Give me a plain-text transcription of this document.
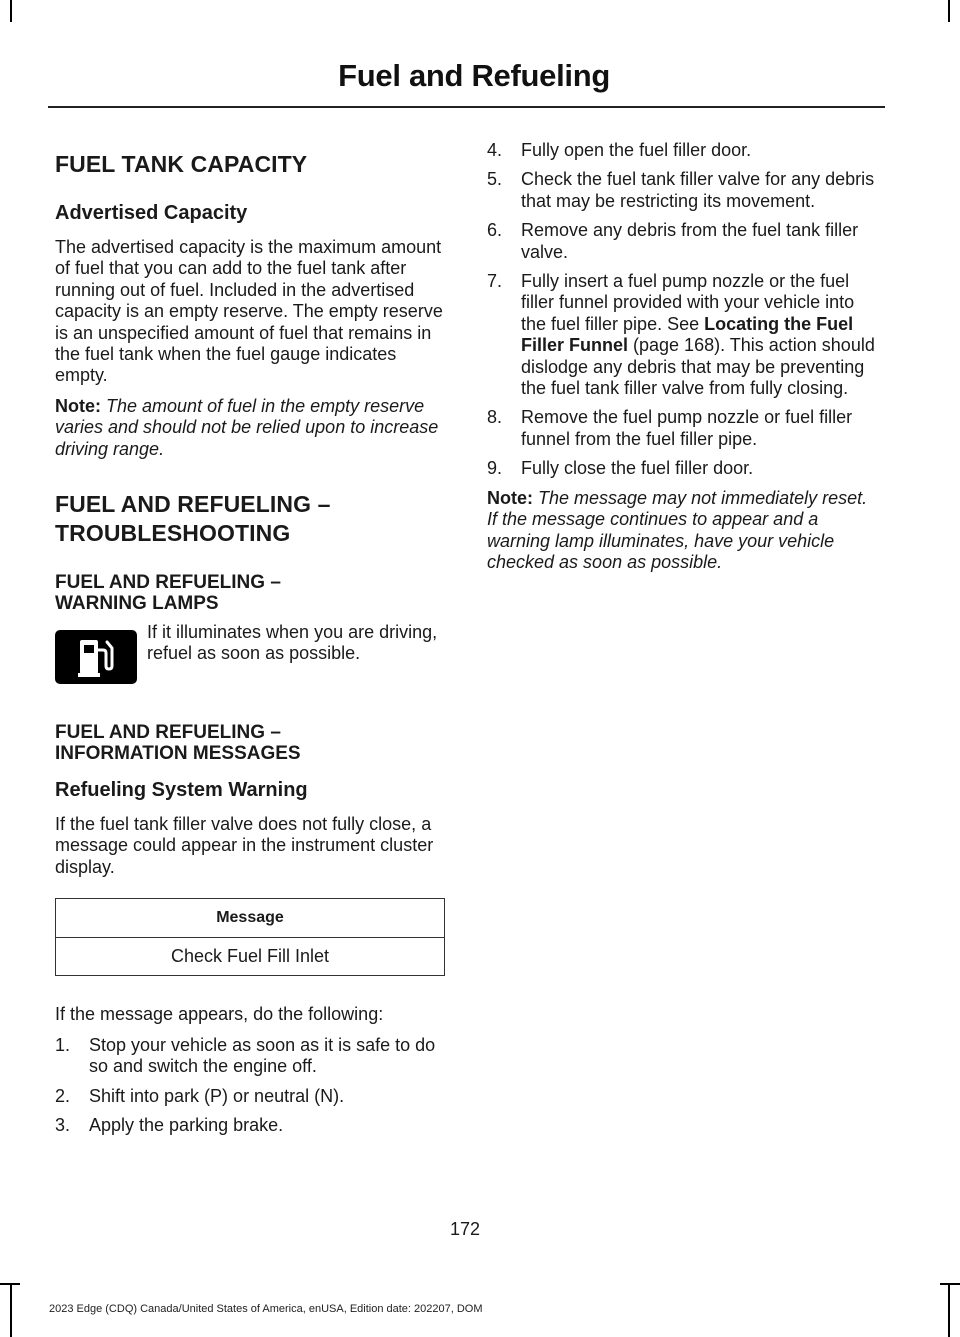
Fuel and Refueling
FUEL TANK CAPACITY
Advertised Capacity

The advertised capacity is the maximum amount of fuel that you can add to the fuel tank after running out of fuel. Included in the advertised capacity is an empty reserve. The empty reserve is an unspecified amount of fuel that remains in the fuel tank when the fuel gauge indicates empty.

Note: The amount of fuel in the empty reserve varies and should not be relied upon to increase driving range.

FUEL AND REFUELING –
TROUBLESHOOTING
FUEL AND REFUELING –
WARNING LAMPS
If it illuminates when you are driving, refuel as soon as possible.
FUEL AND REFUELING –
INFORMATION MESSAGES
Refueling System Warning

If the fuel tank filler valve does not fully close, a message could appear in the instrument cluster display.

Message
Check Fuel Fill Inlet

If the message appears, do the following:

1. Stop your vehicle as soon as it is safe to do so and switch the engine off.
2. Shift into park (P) or neutral (N).
3. Apply the parking brake.
4. Fully open the fuel filler door.
5. Check the fuel tank filler valve for any debris that may be restricting its movement.
6. Remove any debris from the fuel tank filler valve.
7. Fully insert a fuel pump nozzle or the fuel filler funnel provided with your vehicle into the fuel filler pipe. See Locating the Fuel Filler Funnel (page 168). This action should dislodge any debris that may be preventing the fuel tank filler valve from fully closing.
8. Remove the fuel pump nozzle or fuel filler funnel from the fuel filler pipe.
9. Fully close the fuel filler door.

Note: The message may not immediately reset. If the message continues to appear and a warning lamp illuminates, have your vehicle checked as soon as possible.

172
2023 Edge (CDQ) Canada/United States of America, enUSA, Edition date: 202207, DOM
